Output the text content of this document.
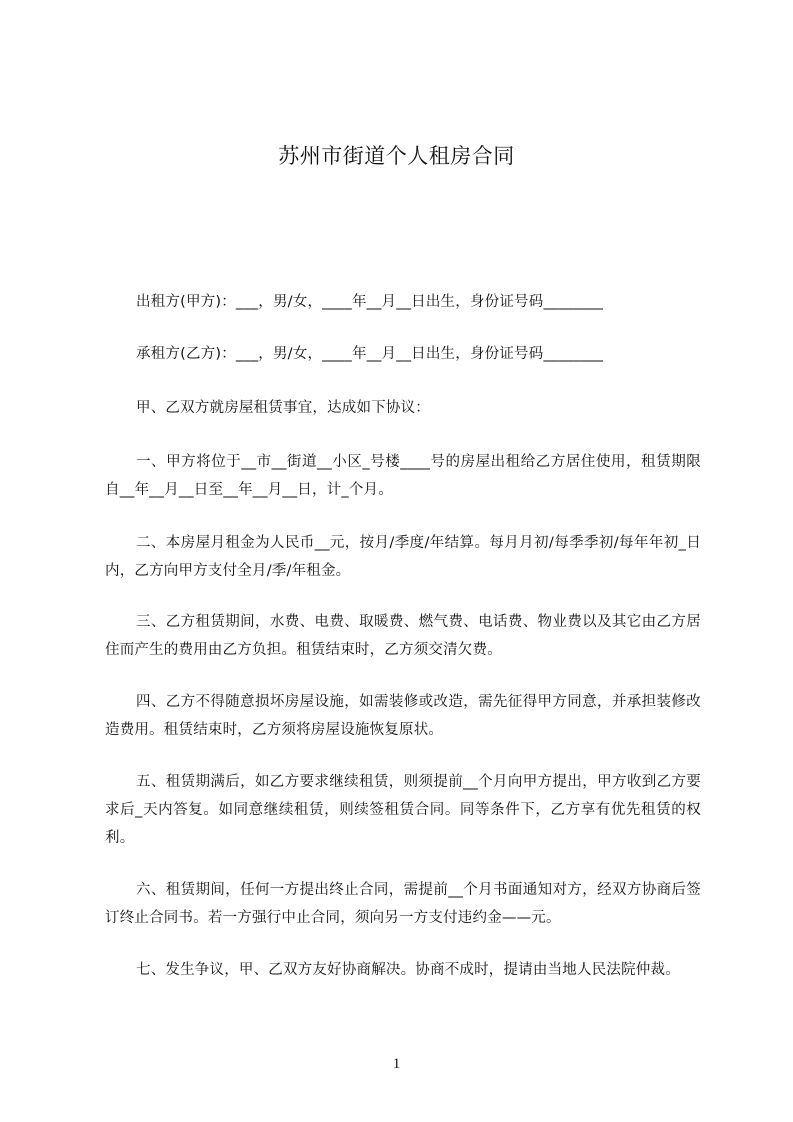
苏州市街道个人租房合同
出租方(甲方)：___，男/女，____年__月__日出生，身份证号码________
承租方(乙方)：___，男/女，____年__月__日出生，身份证号码________
甲、乙双方就房屋租赁事宜，达成如下协议：
一、甲方将位于__市__街道__小区_号楼____号的房屋出租给乙方居住使用，租赁期限自__年__月__日至__年__月__日，计_个月。
二、本房屋月租金为人民币__元，按月/季度/年结算。每月月初/每季季初/每年年初_日内，乙方向甲方支付全月/季/年租金。
三、乙方租赁期间，水费、电费、取暖费、燃气费、电话费、物业费以及其它由乙方居住而产生的费用由乙方负担。租赁结束时，乙方须交清欠费。
四、乙方不得随意损坏房屋设施，如需装修或改造，需先征得甲方同意，并承担装修改造费用。租赁结束时，乙方须将房屋设施恢复原状。
五、租赁期满后，如乙方要求继续租赁，则须提前__个月向甲方提出，甲方收到乙方要求后_天内答复。如同意继续租赁，则续签租赁合同。同等条件下，乙方享有优先租赁的权利。
六、租赁期间，任何一方提出终止合同，需提前__个月书面通知对方，经双方协商后签订终止合同书。若一方强行中止合同，须向另一方支付违约金——元。
七、发生争议，甲、乙双方友好协商解决。协商不成时，提请由当地人民法院仲裁。
1
